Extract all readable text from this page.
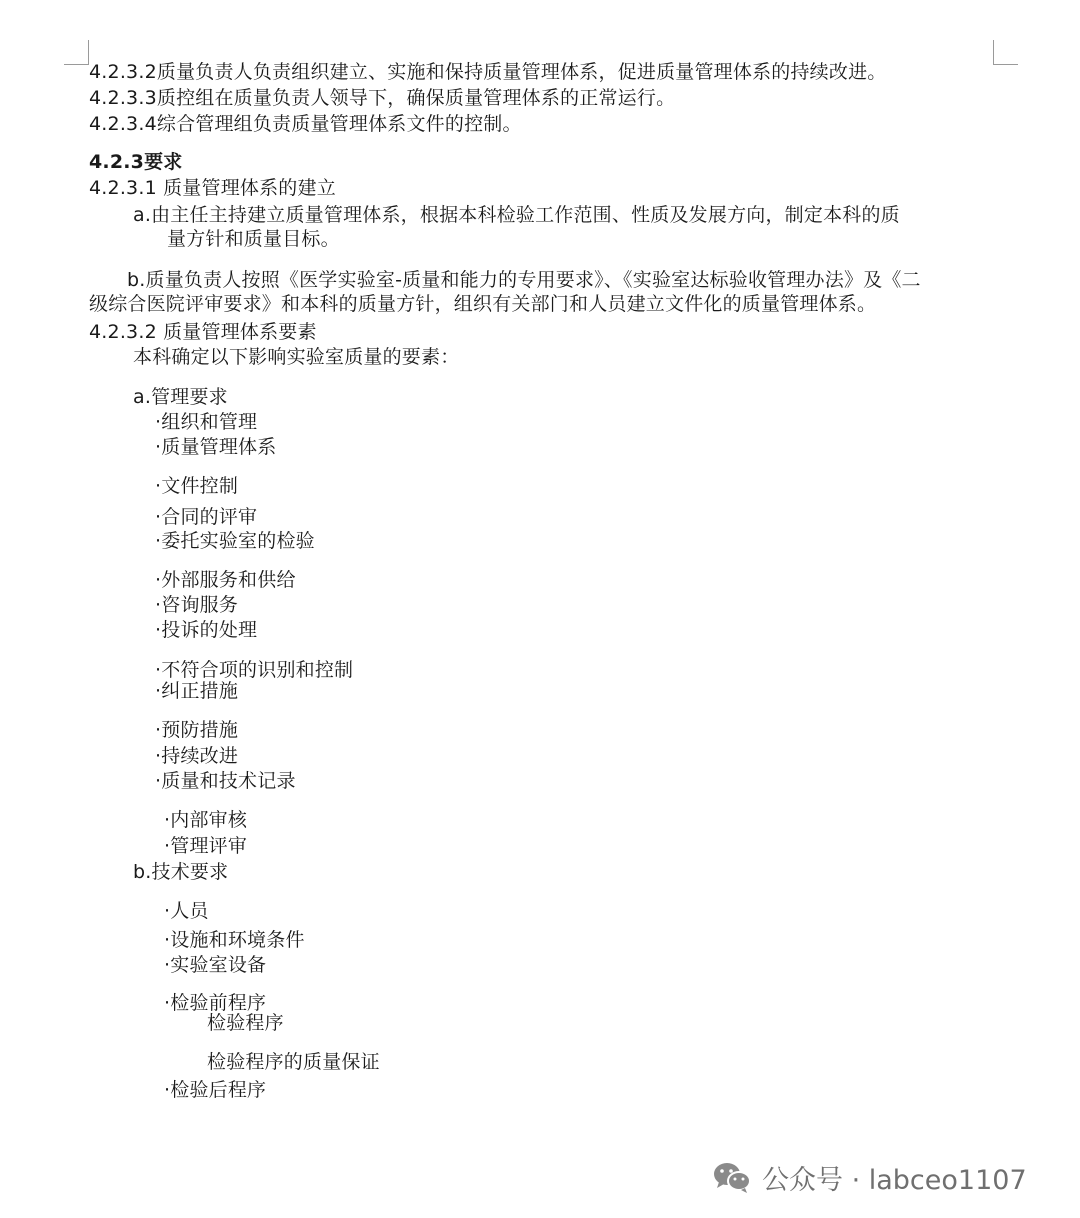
4.2.3.2质量负责人负责组织建立、实施和保持质量管理体系，促进质量管理体系的持续改进。
4.2.3.3质控组在质量负责人领导下，确保质量管理体系的正常运行。
4.2.3.4综合管理组负责质量管理体系文件的控制。
4.2.3要求
4.2.3.1 质量管理体系的建立
a.由主任主持建立质量管理体系，根据本科检验工作范围、性质及发展方向，制定本科的质
量方针和质量目标。
b.质量负责人按照《医学实验室-质量和能力的专用要求》、《实验室达标验收管理办法》及《二
级综合医院评审要求》和本科的质量方针，组织有关部门和人员建立文件化的质量管理体系。
4.2.3.2 质量管理体系要素
本科确定以下影响实验室质量的要素：
a.管理要求
·组织和管理
·质量管理体系
·文件控制
·合同的评审
·委托实验室的检验
·外部服务和供给
·咨询服务
·投诉的处理
·不符合项的识别和控制
·纠正措施
·预防措施
·持续改进
·质量和技术记录
·内部审核
·管理评审
b.技术要求
·人员
·设施和环境条件
·实验室设备
·检验前程序
检验程序
检验程序的质量保证
·检验后程序
公众号 · labceo1107
